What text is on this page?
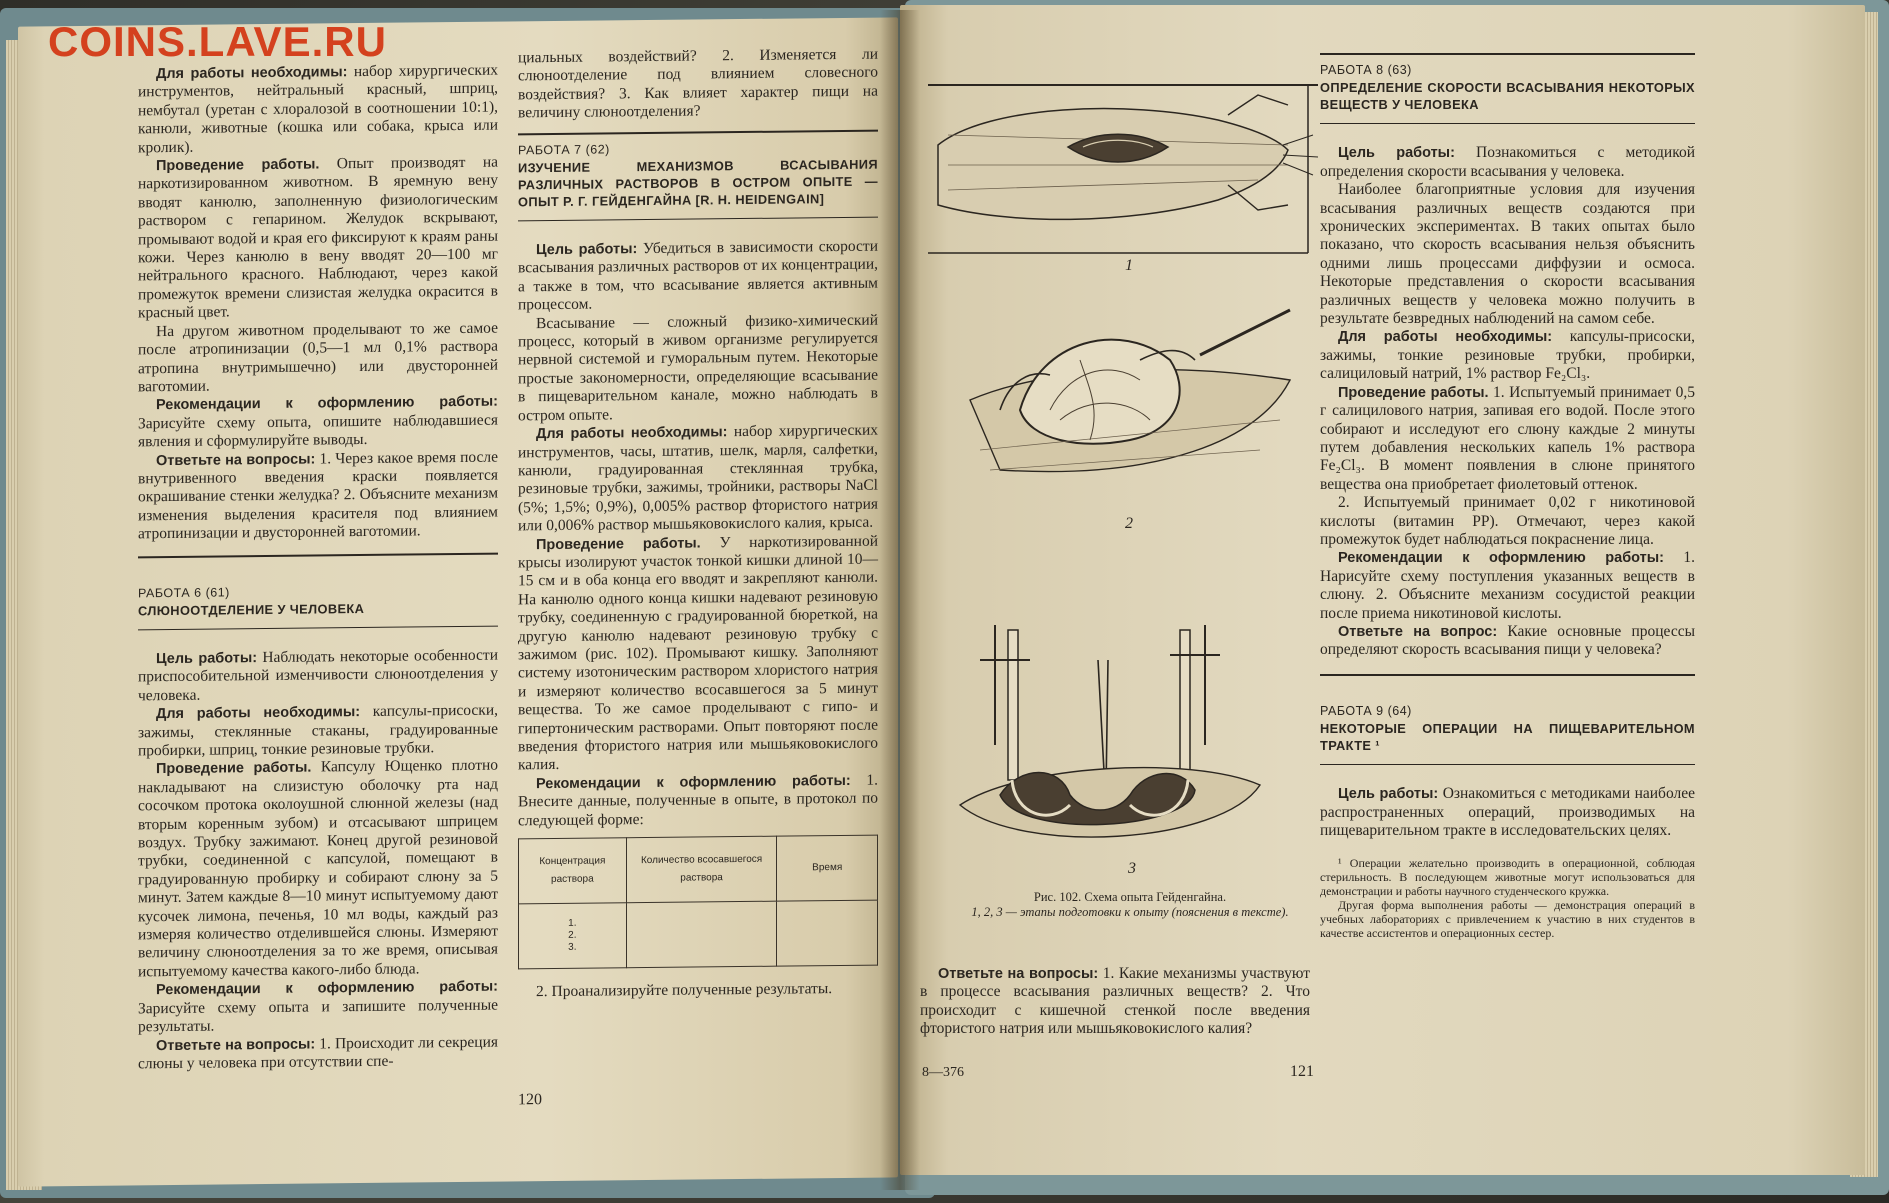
Для работы необходимы: набор хирургических инструментов, нейтральный красный, шприц, нембутал (уретан с хлоралозой в соотношении 10:1), канюли, животные (кошка или собака, крыса или кролик).

Проведение работы. Опыт производят на наркотизированном животном. В яремную вену вводят канюлю, заполненную физиологическим раствором с гепарином. Желудок вскрывают, промывают водой и края его фиксируют к краям раны кожи. Через канюлю в вену вводят 20—100 мг нейтрального красного. Наблюдают, через какой промежуток времени слизистая желудка окрасится в красный цвет.

На другом животном проделывают то же самое после атропинизации (0,5—1 мл 0,1% раствора атропина внутримышечно) или двусторонней ваготомии.

Рекомендации к оформлению работы: Зарисуйте схему опыта, опишите наблюдавшиеся явления и сформулируйте выводы.

Ответьте на вопросы: 1. Через какое время после внутривенного введения краски появляется окрашивание стенки желудка? 2. Объясните механизм изменения выделения красителя под влиянием атропинизации и двусторонней ваготомии.

РАБОТА 6 (61)
СЛЮНООТДЕЛЕНИЕ У ЧЕЛОВЕКА

Цель работы: Наблюдать некоторые особенности приспособительной изменчивости слюноотделения у человека.

Для работы необходимы: капсулы-присоски, зажимы, стеклянные стаканы, градуированные пробирки, шприц, тонкие резиновые трубки.

Проведение работы. Капсулу Ющенко плотно накладывают на слизистую оболочку рта над сосочком протока околоушной слюнной железы (над вторым коренным зубом) и отсасывают шприцем воздух. Трубку зажимают. Конец другой резиновой трубки, соединенной с капсулой, помещают в градуированную пробирку и собирают слюну за 5 минут. Затем каждые 8—10 минут испытуемому дают кусочек лимона, печенья, 10 мл воды, каждый раз измеряя количество отделившейся слюны. Измеряют величину слюноотделения за то же время, описывая испытуемому качества какого-либо блюда.

Рекомендации к оформлению работы: Зарисуйте схему опыта и запишите полученные результаты.

Ответьте на вопросы: 1. Происходит ли секреция слюны у человека при отсутствии спе-

циальных воздействий? 2. Изменяется ли слюноотделение под влиянием словесного воздействия? 3. Как влияет характер пищи на величину слюноотделения?

РАБОТА 7 (62)
ИЗУЧЕНИЕ МЕХАНИЗМОВ ВСАСЫВАНИЯ РАЗЛИЧНЫХ РАСТВОРОВ В ОСТРОМ ОПЫТЕ — ОПЫТ Р. Г. ГЕЙДЕНГАЙНА [R. H. HEIDENGAIN]

Цель работы: Убедиться в зависимости скорости всасывания различных растворов от их концентрации, а также в том, что всасывание является активным процессом.

Всасывание — сложный физико-химический процесс, который в живом организме регулируется нервной системой и гуморальным путем. Некоторые простые закономерности, определяющие всасывание в пищеварительном канале, можно наблюдать в остром опыте.

Для работы необходимы: набор хирургических инструментов, часы, штатив, шелк, марля, салфетки, канюли, градуированная стеклянная трубка, резиновые трубки, зажимы, тройники, растворы NaCl (5%; 1,5%; 0,9%), 0,005% раствор фтористого натрия или 0,006% раствор мышьяковокислого калия, крыса.

Проведение работы. У наркотизированной крысы изолируют участок тонкой кишки длиной 10—15 см и в оба конца его вводят и закрепляют канюли. На канюлю одного конца кишки надевают резиновую трубку, соединенную с градуированной бюреткой, на другую канюлю надевают резиновую трубку с зажимом (рис. 102). Промывают кишку. Заполняют систему изотоническим раствором хлористого натрия и измеряют количество всосавшегося за 5 минут вещества. То же самое проделывают с гипо- и гипертоническим растворами. Опыт повторяют после введения фтористого натрия или мышьяковокислого калия.

Рекомендации к оформлению работы: 1. Внесите данные, полученные в опыте, в протокол по следующей форме:

Концентрация раствора	Количество всосавшегося раствора	Время
1.
2.
3.		

2. Проанализируйте полученные результаты.

120
1
2
3
Рис. 102. Схема опыта Гейденгайна.
1, 2, 3 — этапы подготовки к опыту (пояснения в тексте).

Ответьте на вопросы: 1. Какие механизмы участвуют в процессе всасывания различных веществ? 2. Что происходит с кишечной стенкой после введения фтористого натрия или мышьяковокислого калия?

8—376	121
РАБОТА 8 (63)
ОПРЕДЕЛЕНИЕ СКОРОСТИ ВСАСЫВАНИЯ НЕКОТОРЫХ ВЕЩЕСТВ У ЧЕЛОВЕКА

Цель работы: Познакомиться с методикой определения скорости всасывания у человека.

Наиболее благоприятные условия для изучения всасывания различных веществ создаются при хронических экспериментах. В таких опытах было показано, что скорость всасывания нельзя объяснить одними лишь процессами диффузии и осмоса. Некоторые представления о скорости всасывания различных веществ у человека можно получить в результате безвредных наблюдений на самом себе.

Для работы необходимы: капсулы-присоски, зажимы, тонкие резиновые трубки, пробирки, салициловый натрий, 1% раствор Fe₂Cl₃.

Проведение работы. 1. Испытуемый принимает 0,5 г салицилового натрия, запивая его водой. После этого собирают и исследуют его слюну каждые 2 минуты путем добавления нескольких капель 1% раствора Fe₂Cl₃. В момент появления в слюне принятого вещества она приобретает фиолетовый оттенок.

2. Испытуемый принимает 0,02 г никотиновой кислоты (витамин PP). Отмечают, через какой промежуток будет наблюдаться покраснение лица.

Рекомендации к оформлению работы: 1. Нарисуйте схему поступления указанных веществ в слюну. 2. Объясните механизм сосудистой реакции после приема никотиновой кислоты.

Ответьте на вопрос: Какие основные процессы определяют скорость всасывания пищи у человека?

РАБОТА 9 (64)
НЕКОТОРЫЕ ОПЕРАЦИИ НА ПИЩЕВАРИТЕЛЬНОМ ТРАКТЕ ¹

Цель работы: Ознакомиться с методиками наиболее распространенных операций, производимых на пищеварительном тракте в исследовательских целях.

¹ Операции желательно производить в операционной, соблюдая стерильность. В последующем животные могут использоваться для демонстрации и работы научного студенческого кружка.

Другая форма выполнения работы — демонстрация операций в учебных лабораториях с привлечением к участию в них студентов в качестве ассистентов и операционных сестер.

COINS.LAVE.RU
